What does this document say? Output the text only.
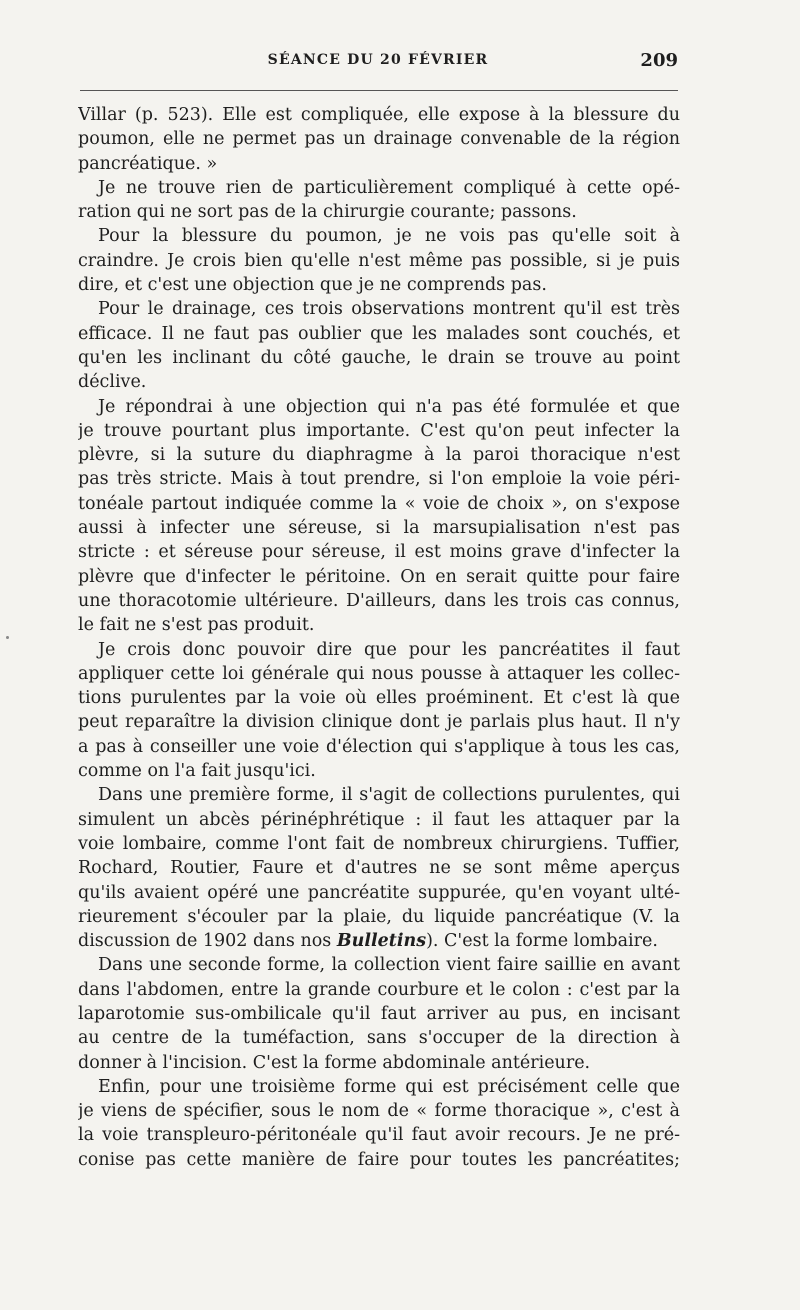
SÉANCE DU 20 FÉVRIER	209
Villar (p. 523). Elle est compliquée, elle expose à la blessure du
poumon, elle ne permet pas un drainage convenable de la région
pancréatique. »
Je ne trouve rien de particulièrement compliqué à cette opé-
ration qui ne sort pas de la chirurgie courante; passons.
Pour la blessure du poumon, je ne vois pas qu'elle soit à
craindre. Je crois bien qu'elle n'est même pas possible, si je puis
dire, et c'est une objection que je ne comprends pas.
Pour le drainage, ces trois observations montrent qu'il est très
efficace. Il ne faut pas oublier que les malades sont couchés, et
qu'en les inclinant du côté gauche, le drain se trouve au point
déclive.
Je répondrai à une objection qui n'a pas été formulée et que
je trouve pourtant plus importante. C'est qu'on peut infecter la
plèvre, si la suture du diaphragme à la paroi thoracique n'est
pas très stricte. Mais à tout prendre, si l'on emploie la voie péri-
tonéale partout indiquée comme la « voie de choix », on s'expose
aussi à infecter une séreuse, si la marsupialisation n'est pas
stricte : et séreuse pour séreuse, il est moins grave d'infecter la
plèvre que d'infecter le péritoine. On en serait quitte pour faire
une thoracotomie ultérieure. D'ailleurs, dans les trois cas connus,
le fait ne s'est pas produit.
Je crois donc pouvoir dire que pour les pancréatites il faut
appliquer cette loi générale qui nous pousse à attaquer les collec-
tions purulentes par la voie où elles proéminent. Et c'est là que
peut reparaître la division clinique dont je parlais plus haut. Il n'y
a pas à conseiller une voie d'élection qui s'applique à tous les cas,
comme on l'a fait jusqu'ici.
Dans une première forme, il s'agit de collections purulentes, qui
simulent un abcès périnéphrétique : il faut les attaquer par la
voie lombaire, comme l'ont fait de nombreux chirurgiens. Tuffier,
Rochard, Routier, Faure et d'autres ne se sont même aperçus
qu'ils avaient opéré une pancréatite suppurée, qu'en voyant ulté-
rieurement s'écouler par la plaie, du liquide pancréatique (V. la
discussion de 1902 dans nos Bulletins). C'est la forme lombaire.
Dans une seconde forme, la collection vient faire saillie en avant
dans l'abdomen, entre la grande courbure et le colon : c'est par la
laparotomie sus-ombilicale qu'il faut arriver au pus, en incisant
au centre de la tuméfaction, sans s'occuper de la direction à
donner à l'incision. C'est la forme abdominale antérieure.
Enfin, pour une troisième forme qui est précisément celle que
je viens de spécifier, sous le nom de « forme thoracique », c'est à
la voie transpleuro-péritonéale qu'il faut avoir recours. Je ne pré-
conise pas cette manière de faire pour toutes les pancréatites;
